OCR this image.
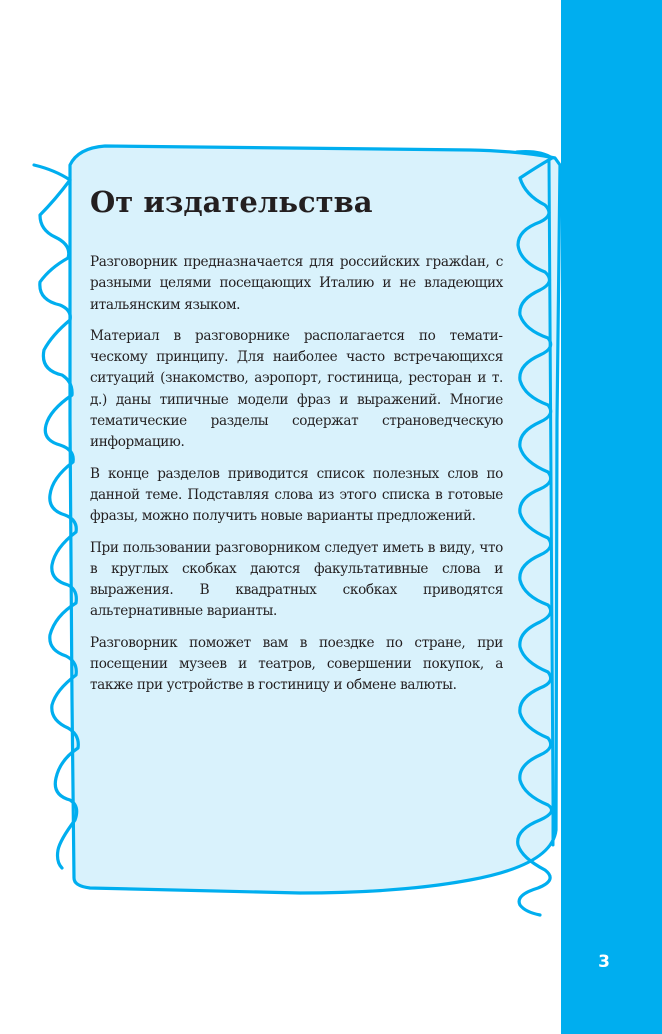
От издательства

Разговорник предназначается для российских гражdан, с разными целями посещающих Италию и не владеющих итальянским языком.

Материал в разговорнике располагается по тематическому принципу. Для наиболее часто встречающихся ситуаций (знакомство, аэропорт, гостиница, ресторан и т. д.) даны типичные модели фраз и выражений. Многие тематические разделы содержат страноведческую информацию.

В конце разделов приводится список полезных слов по данной теме. Подставляя слова из этого списка в готовые фразы, можно получить новые варианты предложений.

При пользовании разговорником следует иметь в виду, что в круглых скобках даются факультативные слова и выражения. В квадратных скобках приводятся альтернативные варианты.

Разговорник поможет вам в поездке по стране, при посещении музеев и театров, совершении покупок, а также при устройстве в гостиницу и обмене валюты.

3
